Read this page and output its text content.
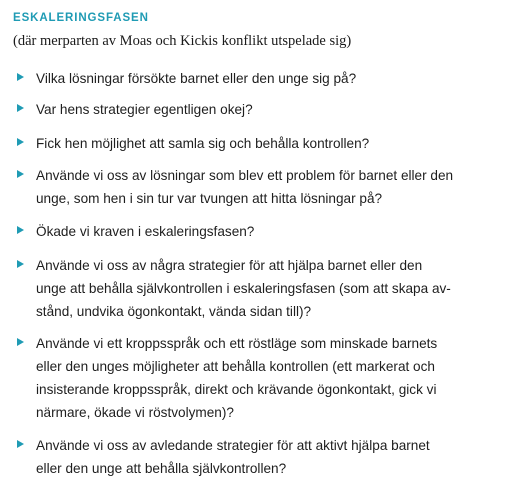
ESKALERINGSFASEN
(där merparten av Moas och Kickis konflikt utspelade sig)
Vilka lösningar försökte barnet eller den unge sig på?
Var hens strategier egentligen okej?
Fick hen möjlighet att samla sig och behålla kontrollen?
Använde vi oss av lösningar som blev ett problem för barnet eller den
unge, som hen i sin tur var tvungen att hitta lösningar på?
Ökade vi kraven i eskaleringsfasen?
Använde vi oss av några strategier för att hjälpa barnet eller den
unge att behålla självkontrollen i eskaleringsfasen (som att skapa av-
stånd, undvika ögonkontakt, vända sidan till)?
Använde vi ett kroppsspråk och ett röstläge som minskade barnets
eller den unges möjligheter att behålla kontrollen (ett markerat och
insisterande kroppsspråk, direkt och krävande ögonkontakt, gick vi
närmare, ökade vi röstvolymen)?
Använde vi oss av avledande strategier för att aktivt hjälpa barnet
eller den unge att behålla självkontrollen?
